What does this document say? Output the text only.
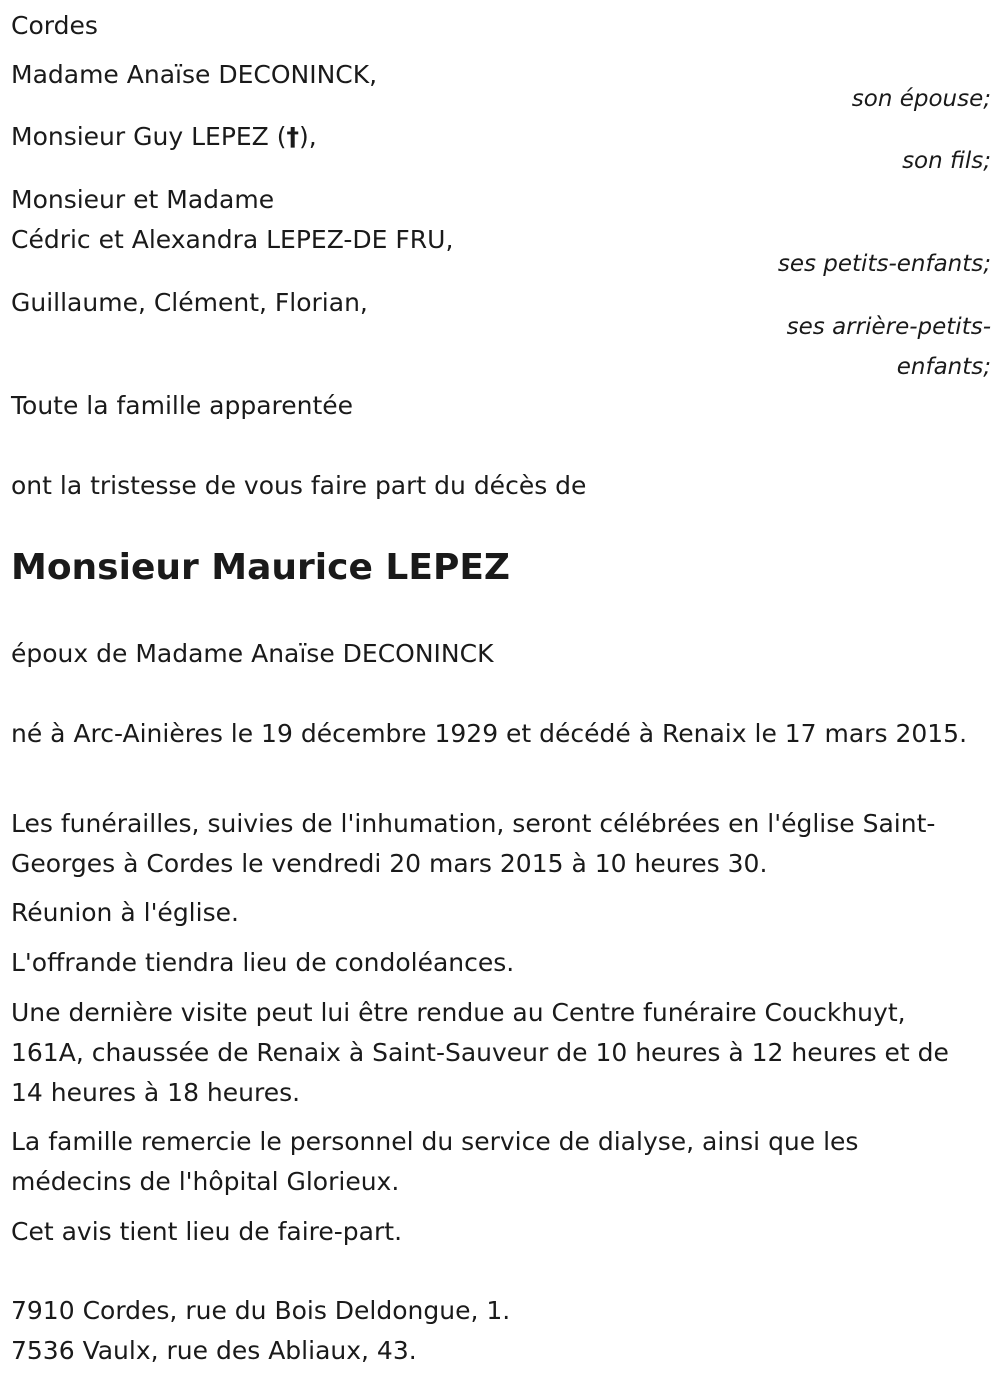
Cordes
Madame Anaïse DECONINCK,
son épouse;
Monsieur Guy LEPEZ (†),
son fils;
Monsieur et Madame
Cédric et Alexandra LEPEZ-DE FRU,
ses petits-enfants;
Guillaume, Clément, Florian,
ses arrière-petits-
enfants;
Toute la famille apparentée
ont la tristesse de vous faire part du décès de
Monsieur Maurice LEPEZ
époux de Madame Anaïse DECONINCK
né à Arc-Ainières le 19 décembre 1929 et décédé à Renaix le 17 mars 2015.
Les funérailles, suivies de l'inhumation, seront célébrées en l'église Saint-Georges à Cordes le vendredi 20 mars 2015 à 10 heures 30.
Réunion à l'église.
L'offrande tiendra lieu de condoléances.
Une dernière visite peut lui être rendue au Centre funéraire Couckhuyt, 161A, chaussée de Renaix à Saint-Sauveur de 10 heures à 12 heures et de 14 heures à 18 heures.
La famille remercie le personnel du service de dialyse, ainsi que les médecins de l'hôpital Glorieux.
Cet avis tient lieu de faire-part.
7910 Cordes, rue du Bois Deldongue, 1.
7536 Vaulx, rue des Abliaux, 43.
